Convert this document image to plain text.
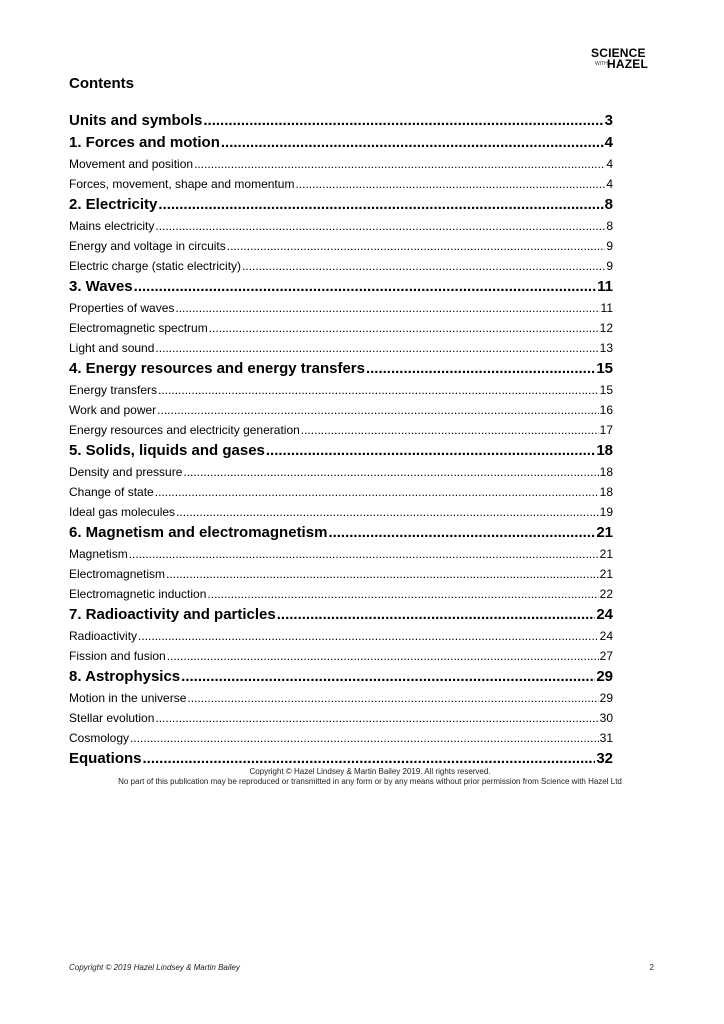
SCIENCE
WITH HAZEL
Contents
Units and symbols .....	3
1. Forces and motion .....	4
Movement and position .....	4
Forces, movement, shape and momentum .....	4
2. Electricity .....	8
Mains electricity .....	8
Energy and voltage in circuits .....	9
Electric charge (static electricity) .....	9
3. Waves .....	11
Properties of waves .....	11
Electromagnetic spectrum .....	12
Light and sound .....	13
4. Energy resources and energy transfers .....	15
Energy transfers .....	15
Work and power .....	16
Energy resources and electricity generation .....	17
5. Solids, liquids and gases .....	18
Density and pressure .....	18
Change of state .....	18
Ideal gas molecules .....	19
6. Magnetism and electromagnetism .....	21
Magnetism .....	21
Electromagnetism .....	21
Electromagnetic induction .....	22
7. Radioactivity and particles .....	24
Radioactivity .....	24
Fission and fusion .....	27
8. Astrophysics .....	29
Motion in the universe .....	29
Stellar evolution .....	30
Cosmology .....	31
Equations .....	32
Copyright © Hazel Lindsey & Martin Bailey 2019. All rights reserved.
No part of this publication may be reproduced or transmitted in any form or by any means without prior permission from Science with Hazel Ltd
Copyright © 2019 Hazel Lindsey & Martin Bailey	2
